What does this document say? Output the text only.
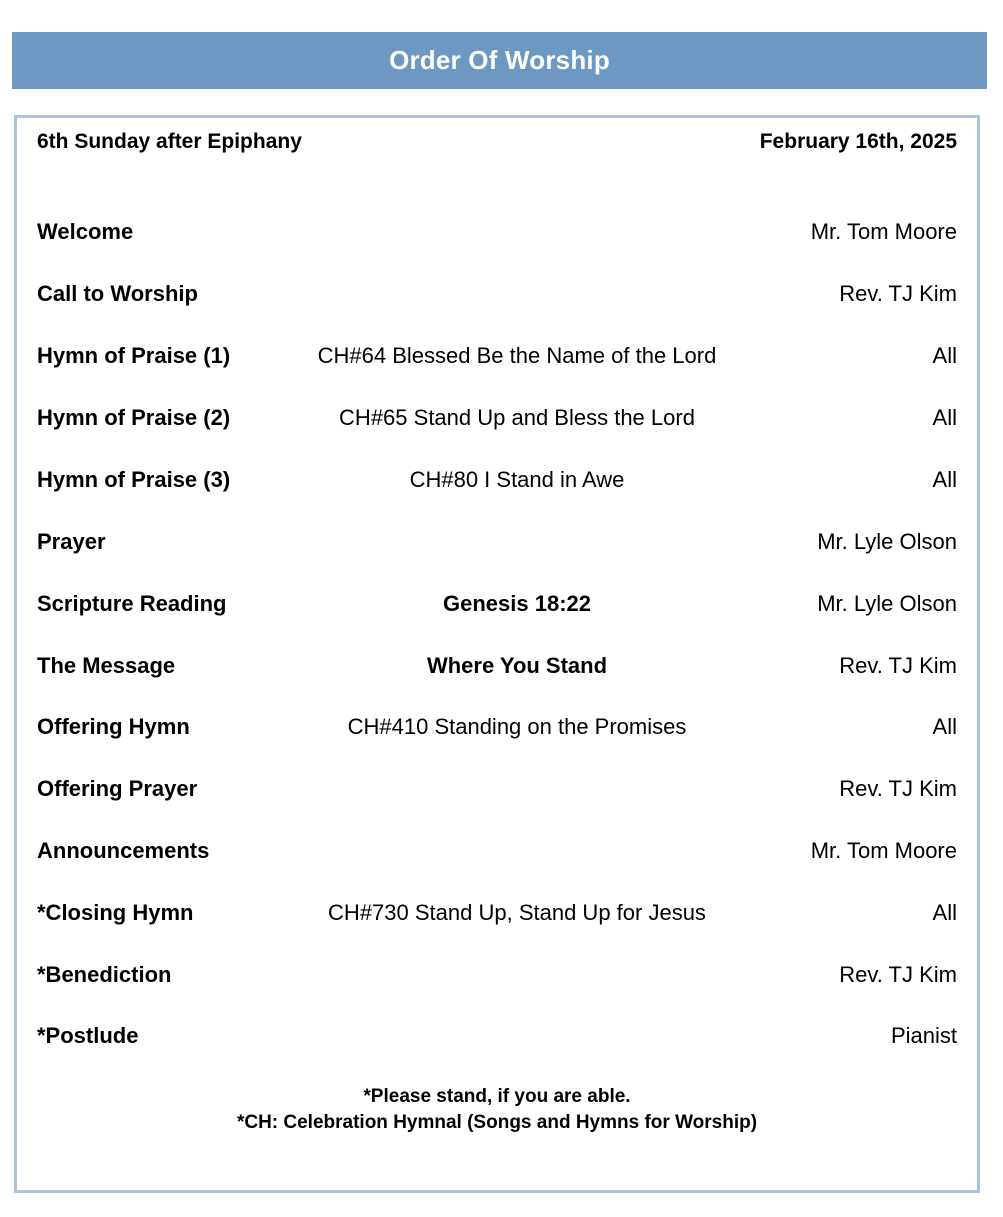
Order Of Worship
6th Sunday after Epiphany	February 16th, 2025
Welcome	Mr. Tom Moore
Call to Worship	Rev. TJ Kim
Hymn of Praise (1)	CH#64 Blessed Be the Name of the Lord	All
Hymn of Praise (2)	CH#65 Stand Up and Bless the Lord	All
Hymn of Praise (3)	CH#80 I Stand in Awe	All
Prayer	Mr. Lyle Olson
Scripture Reading	Genesis 18:22	Mr. Lyle Olson
The Message	Where You Stand	Rev. TJ Kim
Offering Hymn	CH#410 Standing on the Promises	All
Offering Prayer	Rev. TJ Kim
Announcements	Mr. Tom Moore
*Closing Hymn	CH#730 Stand Up, Stand Up for Jesus	All
*Benediction	Rev. TJ Kim
*Postlude	Pianist
*Please stand, if you are able.
*CH: Celebration Hymnal (Songs and Hymns for Worship)
